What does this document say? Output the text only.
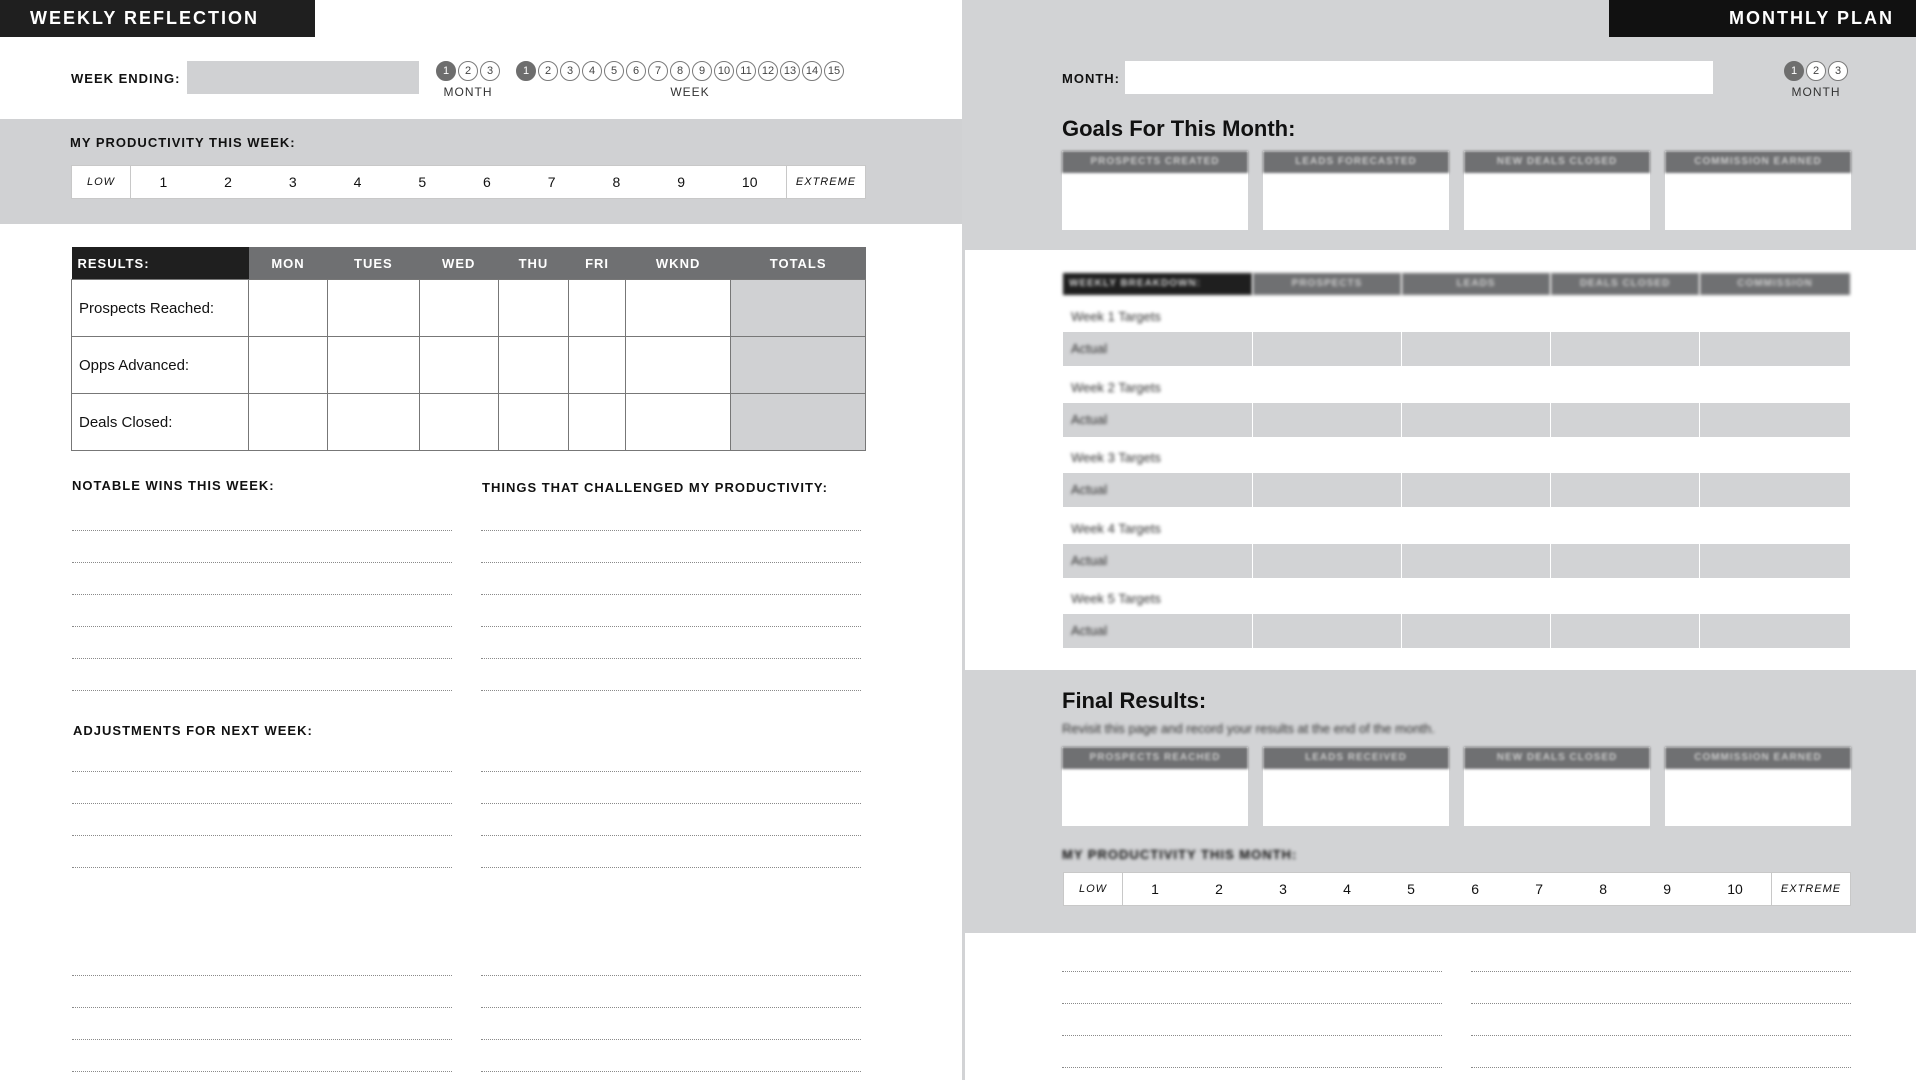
WEEKLY REFLECTION
WEEK ENDING:	1	2	3
MONTH
1	2	3	4	5	6	7	8	9	10 11 12 13 14 15
WEEK
MY PRODUCTIVITY THIS WEEK:
LOW	1	2	3	4	5	6	7	8	9	10	EXTREME
RESULTS:	MON	TUES	WED	THU	FRI	WKND	TOTALS
Prospects Reached:							
Opps Advanced:							
Deals Closed:							
NOTABLE WINS THIS WEEK:	THINGS THAT CHALLENGED MY PRODUCTIVITY:
ADJUSTMENTS FOR NEXT WEEK:
MONTHLY PLAN
MONTH:	1	2	3
MONTH
Goals For This Month:
PROSPECTS CREATED	LEADS FORECASTED	NEW DEALS CLOSED	COMMISSION EARNED
WEEKLY BREAKDOWN:	PROSPECTS	LEADS	DEALS CLOSED	COMMISSION
Week 1 Targets
Actual
Week 2 Targets
Actual
Week 3 Targets
Actual
Week 4 Targets
Actual
Week 5 Targets
Actual
Final Results:
Revisit this page and record your results at the end of the month.
PROSPECTS REACHED	LEADS RECEIVED	NEW DEALS CLOSED	COMMISSION EARNED
MY PRODUCTIVITY THIS MONTH:
LOW	1	2	3	4	5	6	7	8	9	10	EXTREME
